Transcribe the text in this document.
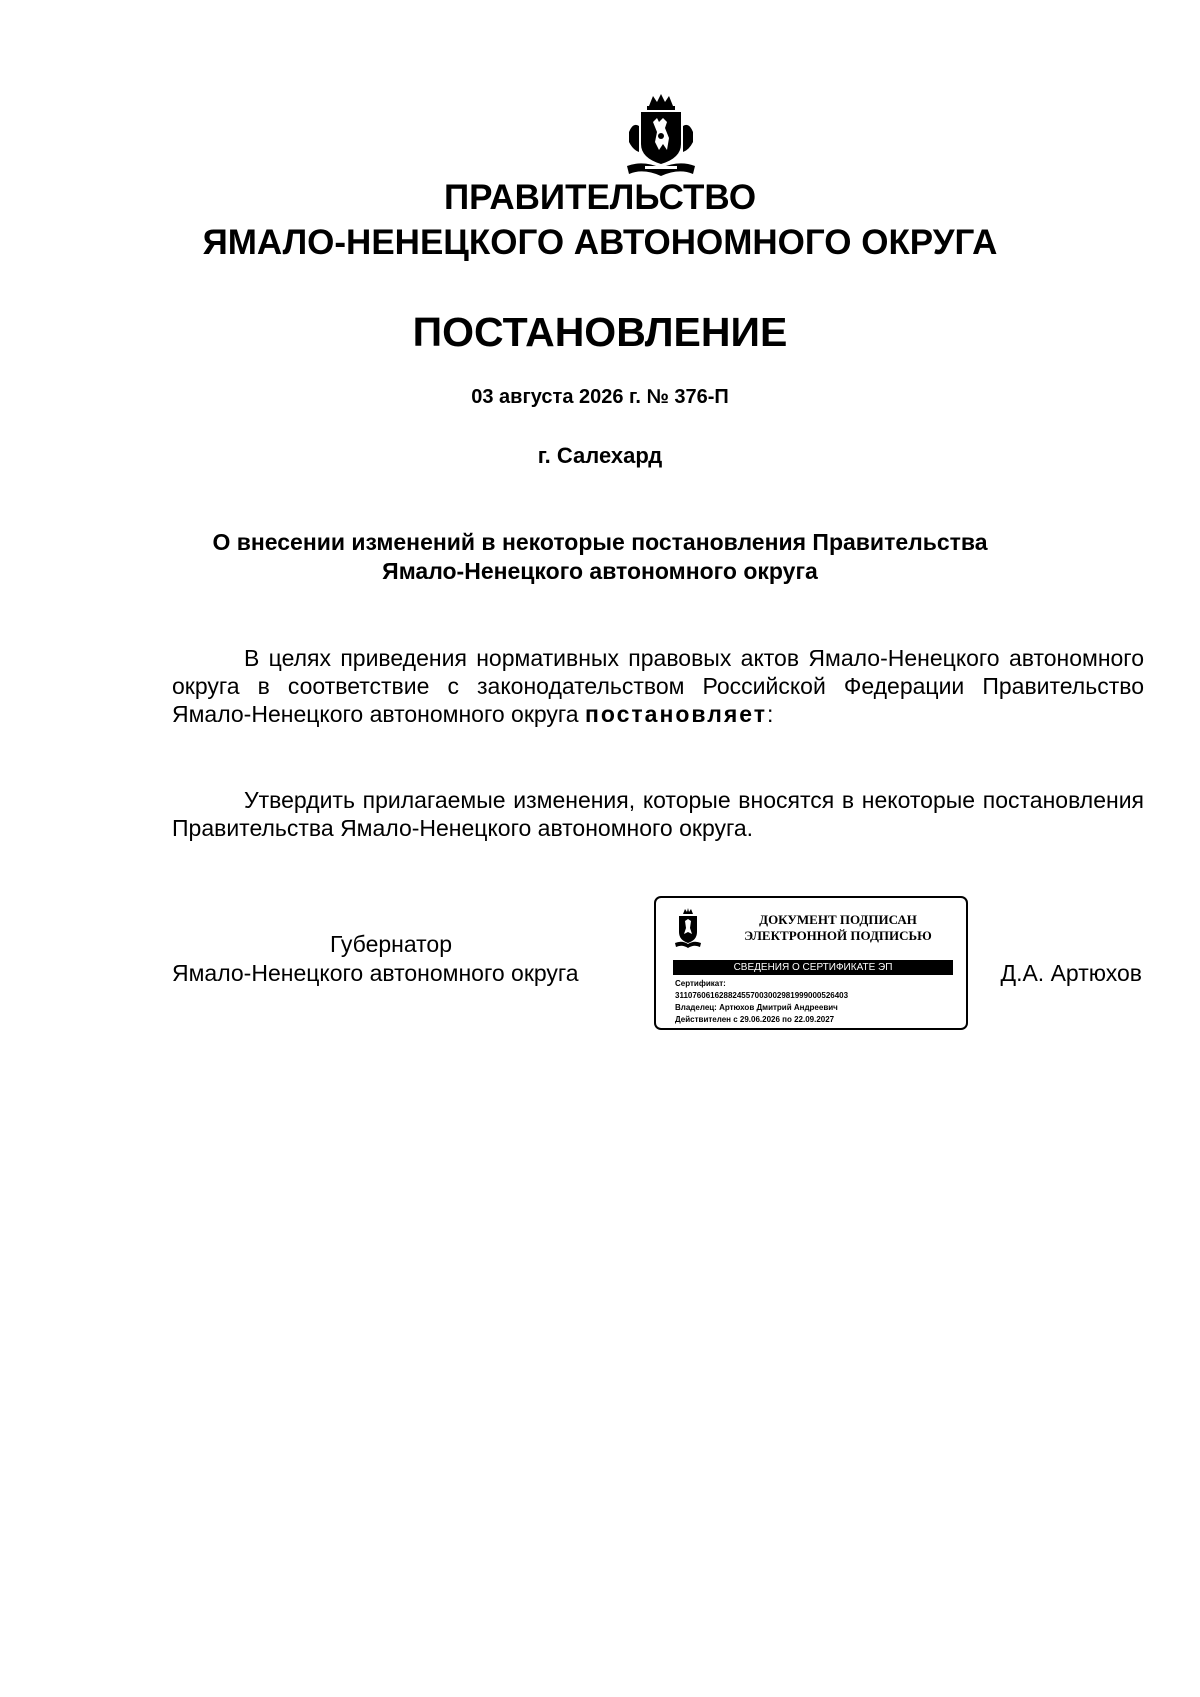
ПРАВИТЕЛЬСТВО
ЯМАЛО-НЕНЕЦКОГО АВТОНОМНОГО ОКРУГА
ПОСТАНОВЛЕНИЕ
03 августа 2026 г. № 376-П
г. Салехард
О внесении изменений в некоторые постановления Правительства
Ямало-Ненецкого автономного округа

В целях приведения нормативных правовых актов Ямало-Ненецкого автономного округа в соответствие с законодательством Российской Федерации Правительство Ямало-Ненецкого автономного округа постановляет:

Утвердить прилагаемые изменения, которые вносятся в некоторые постановления Правительства Ямало-Ненецкого автономного округа.

Губернатор
Ямало-Ненецкого автономного округа
ДОКУМЕНТ ПОДПИСАН
ЭЛЕКТРОННОЙ ПОДПИСЬЮ
СВЕДЕНИЯ О СЕРТИФИКАТЕ ЭП
Сертификат:
311076061628824557003002981999000526403
Владелец: Артюхов Дмитрий Андреевич
Действителен с 29.06.2026 по 22.09.2027
Д.А. Артюхов
